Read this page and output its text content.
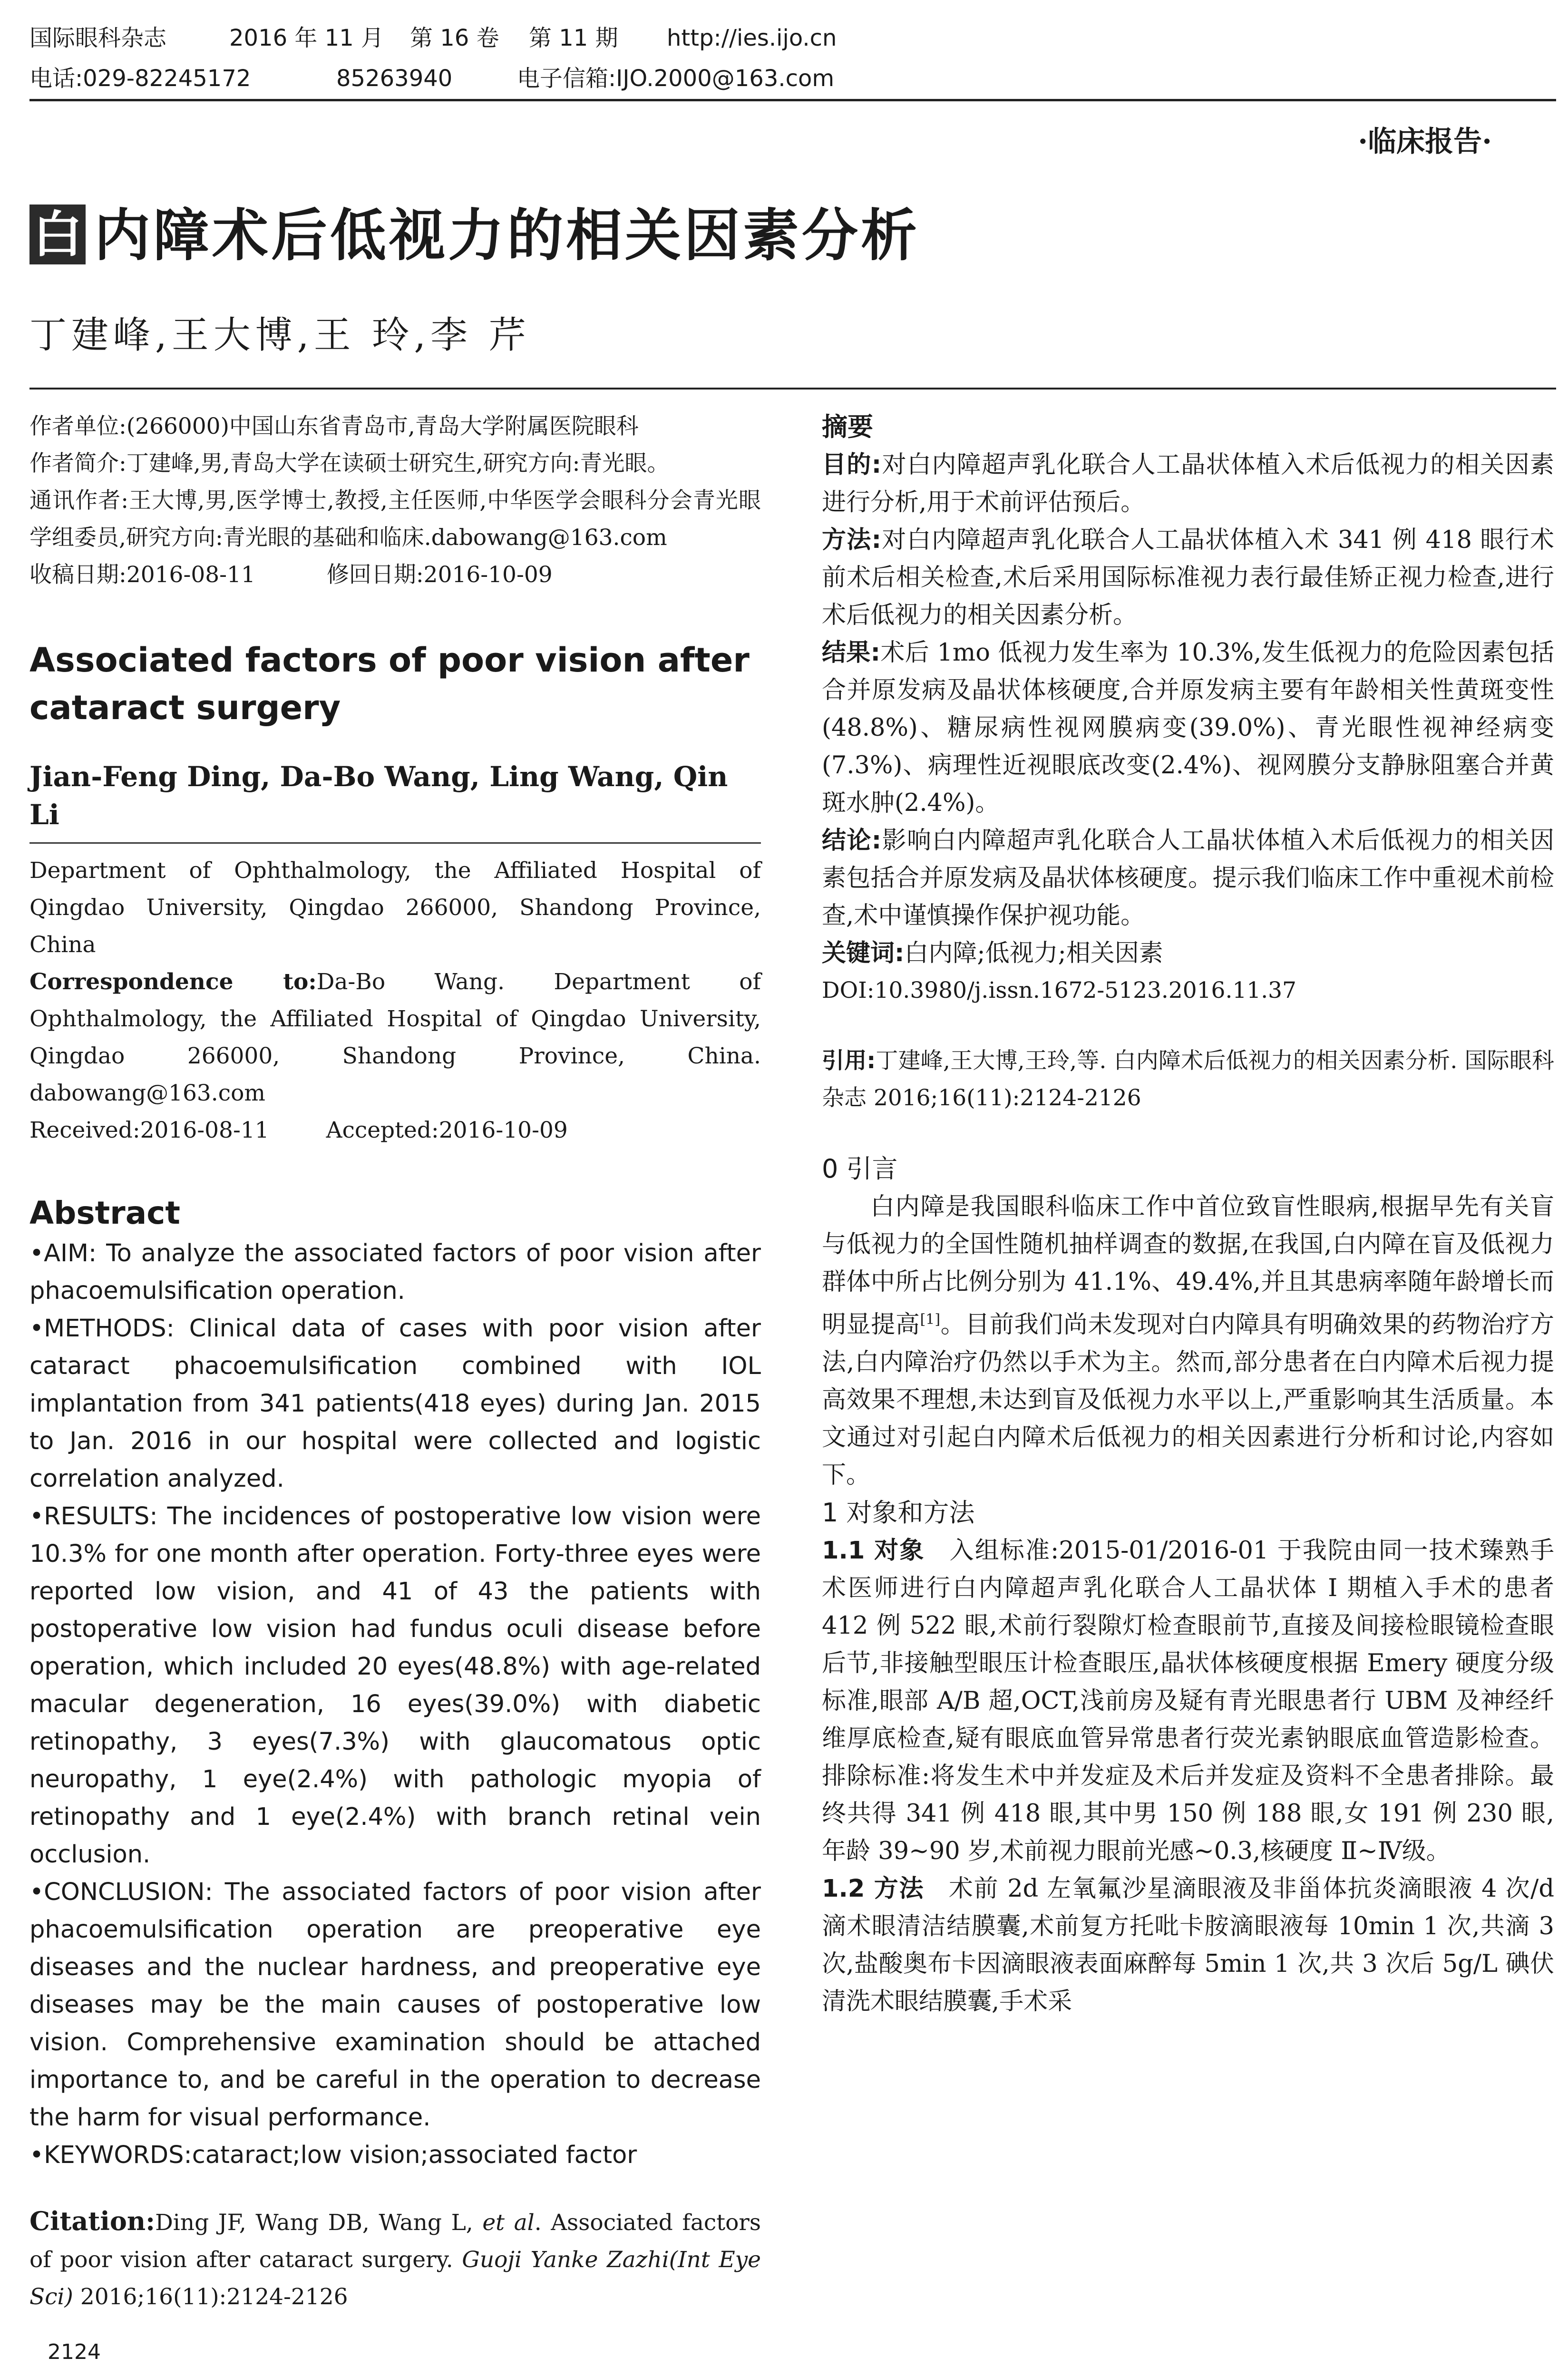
国际眼科杂志	2016 年 11 月 第 16 卷 第 11 期 http://ies.ijo.cn
电话:029-82245172	85263940	电子信箱:IJO.2000@163.com
·临床报告·
白 内障术后低视力的相关因素分析
丁建峰,王大博,王 玲,李 芹

作者单位:(266000)中国山东省青岛市,青岛大学附属医院眼科

作者简介:丁建峰,男,青岛大学在读硕士研究生,研究方向:青光眼。

通讯作者:王大博,男,医学博士,教授,主任医师,中华医学会眼科分会青光眼学组委员,研究方向:青光眼的基础和临床.dabowang@163.com

收稿日期:2016-08-11	修回日期:2016-10-09

Associated factors of poor vision after cataract surgery

Jian-Feng Ding, Da-Bo Wang, Ling Wang, Qin Li

Department of Ophthalmology, the Affiliated Hospital of Qingdao University, Qingdao 266000, Shandong Province, China

Correspondence to:Da-Bo Wang. Department of Ophthalmology, the Affiliated Hospital of Qingdao University, Qingdao 266000, Shandong Province, China. dabowang@163.com

Received:2016-08-11	Accepted:2016-10-09

Abstract

•AIM: To analyze the associated factors of poor vision after phacoemulsification operation.

•METHODS: Clinical data of cases with poor vision after cataract phacoemulsification combined with IOL implantation from 341 patients(418 eyes) during Jan. 2015 to Jan. 2016 in our hospital were collected and logistic correlation analyzed.

•RESULTS: The incidences of postoperative low vision were 10.3% for one month after operation. Forty-three eyes were reported low vision, and 41 of 43 the patients with postoperative low vision had fundus oculi disease before operation, which included 20 eyes(48.8%) with age-related macular degeneration, 16 eyes(39.0%) with diabetic retinopathy, 3 eyes(7.3%) with glaucomatous optic neuropathy, 1 eye(2.4%) with pathologic myopia of retinopathy and 1 eye(2.4%) with branch retinal vein occlusion.

•CONCLUSION: The associated factors of poor vision after phacoemulsification operation are preoperative eye diseases and the nuclear hardness, and preoperative eye diseases may be the main causes of postoperative low vision. Comprehensive examination should be attached importance to, and be careful in the operation to decrease the harm for visual performance.

•KEYWORDS:cataract;low vision;associated factor

Citation:Ding JF, Wang DB, Wang L, et al. Associated factors of poor vision after cataract surgery. Guoji Yanke Zazhi(Int Eye Sci) 2016;16(11):2124-2126

摘要

目的:对白内障超声乳化联合人工晶状体植入术后低视力的相关因素进行分析,用于术前评估预后。

方法:对白内障超声乳化联合人工晶状体植入术 341 例 418 眼行术前术后相关检查,术后采用国际标准视力表行最佳矫正视力检查,进行术后低视力的相关因素分析。

结果:术后 1mo 低视力发生率为 10.3%,发生低视力的危险因素包括合并原发病及晶状体核硬度,合并原发病主要有年龄相关性黄斑变性(48.8%)、糖尿病性视网膜病变(39.0%)、青光眼性视神经病变(7.3%)、病理性近视眼底改变(2.4%)、视网膜分支静脉阻塞合并黄斑水肿(2.4%)。

结论:影响白内障超声乳化联合人工晶状体植入术后低视力的相关因素包括合并原发病及晶状体核硬度。提示我们临床工作中重视术前检查,术中谨慎操作保护视功能。

关键词:白内障;低视力;相关因素

DOI:10.3980/j.issn.1672-5123.2016.11.37

引用:丁建峰,王大博,王玲,等. 白内障术后低视力的相关因素分析. 国际眼科杂志 2016;16(11):2124-2126

0 引言

白内障是我国眼科临床工作中首位致盲性眼病,根据早先有关盲与低视力的全国性随机抽样调查的数据,在我国,白内障在盲及低视力群体中所占比例分别为 41.1%、49.4%,并且其患病率随年龄增长而明显提高[1]。目前我们尚未发现对白内障具有明确效果的药物治疗方法,白内障治疗仍然以手术为主。然而,部分患者在白内障术后视力提高效果不理想,未达到盲及低视力水平以上,严重影响其生活质量。本文通过对引起白内障术后低视力的相关因素进行分析和讨论,内容如下。

1 对象和方法

1.1 对象 入组标准:2015-01/2016-01 于我院由同一技术臻熟手术医师进行白内障超声乳化联合人工晶状体 I 期植入手术的患者 412 例 522 眼,术前行裂隙灯检查眼前节,直接及间接检眼镜检查眼后节,非接触型眼压计检查眼压,晶状体核硬度根据 Emery 硬度分级标准,眼部 A/B 超,OCT,浅前房及疑有青光眼患者行 UBM 及神经纤维厚底检查,疑有眼底血管异常患者行荧光素钠眼底血管造影检查。排除标准:将发生术中并发症及术后并发症及资料不全患者排除。最终共得 341 例 418 眼,其中男 150 例 188 眼,女 191 例 230 眼,年龄 39~90 岁,术前视力眼前光感~0.3,核硬度 Ⅱ~Ⅳ级。

1.2 方法 术前 2d 左氧氟沙星滴眼液及非甾体抗炎滴眼液 4 次/d 滴术眼清洁结膜囊,术前复方托吡卡胺滴眼液每 10min 1 次,共滴 3 次,盐酸奥布卡因滴眼液表面麻醉每 5min 1 次,共 3 次后 5g/L 碘伏清洗术眼结膜囊,手术采

2124
